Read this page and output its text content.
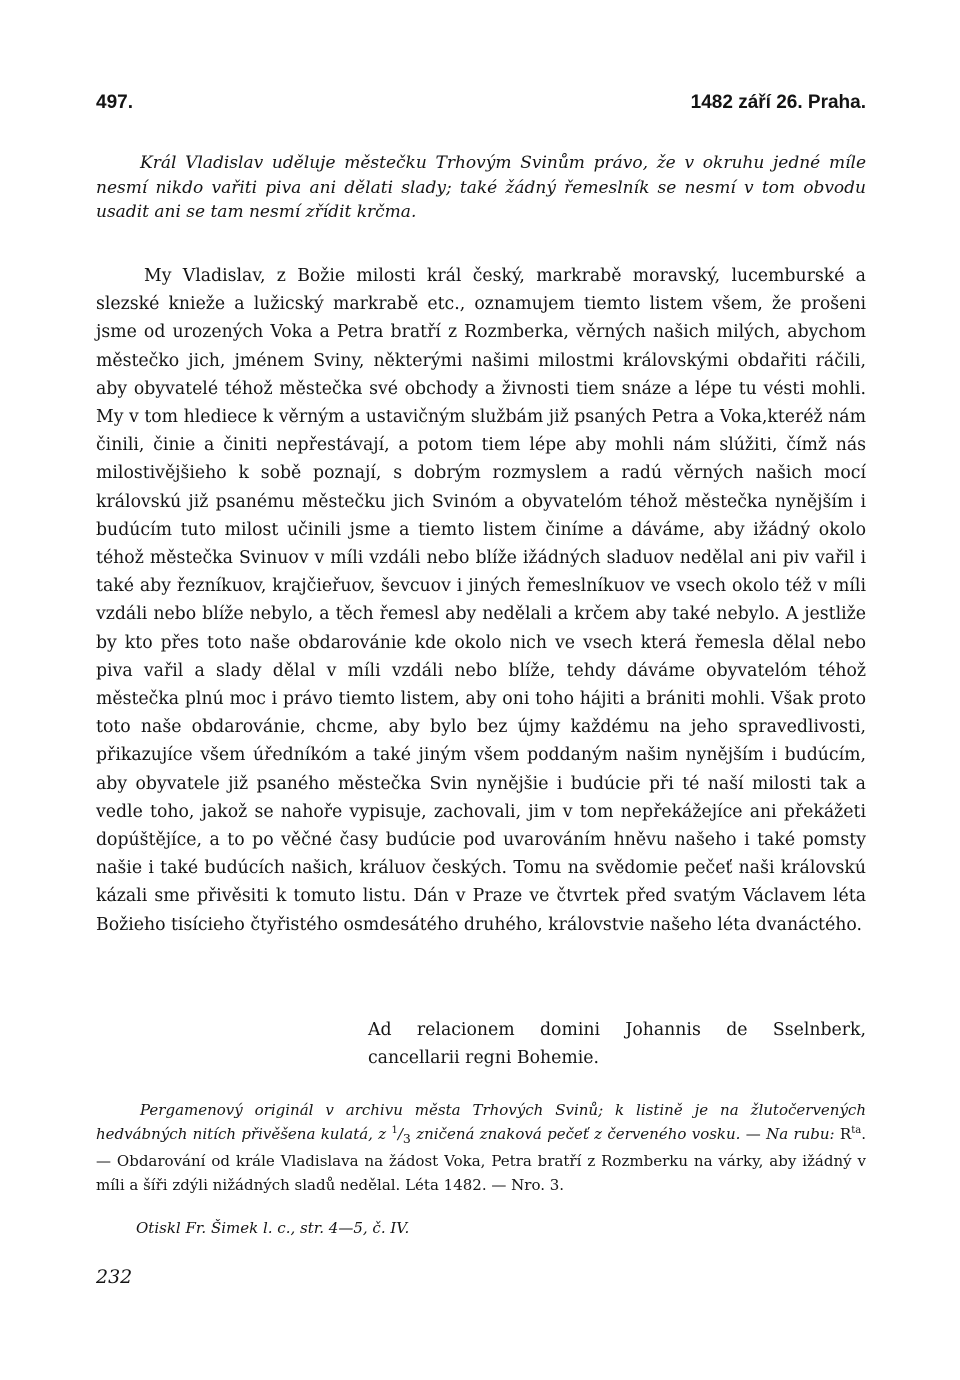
497.	1482 září 26. Praha.

Král Vladislav uděluje městečku Trhovým Svinům právo, že v okruhu jedné míle nesmí nikdo vařiti piva ani dělati slady; také žádný řemeslník se nesmí v tom obvodu usadit ani se tam nesmí zřídit krčma.

My Vladislav, z Božie milosti král český, markrabě moravský, lucemburské a slezské knieže a lužicský markrabě etc., oznamujem tiemto listem všem, že prošeni jsme od urozených Voka a Petra bratří z Rozmberka, věrných našich milých, abychom městečko jich, jménem Sviny, některými našimi milostmi královskými obdařiti ráčili, aby obyvatelé téhož městečka své obchody a živnosti tiem snáze a lépe tu vésti mohli. My v tom hlediece k věrným a ustavičným službám již psaných Petra a Voka,kteréž nám činili, činie a činiti nepřestávají, a potom tiem lépe aby mohli nám slúžiti, čímž nás milostivějšieho k sobě poznají, s dobrým rozmyslem a radú věrných našich mocí královskú již psanému městečku jich Svinóm a obyvatelóm téhož městečka nynějším i budúcím tuto milost učinili jsme a tiemto listem činíme a dáváme, aby ižádný okolo téhož městečka Svinuov v míli vzdáli nebo blíže ižádných sladuov nedělal ani piv vařil i také aby řezníkuov, krajčieřuov, ševcuov i jiných řemeslníkuov ve vsech okolo též v míli vzdáli nebo blíže nebylo, a těch řemesl aby nedělali a krčem aby také nebylo. A jestliže by kto přes toto naše obdarovánie kde okolo nich ve vsech která řemesla dělal nebo piva vařil a slady dělal v míli vzdáli nebo blíže, tehdy dáváme obyvatelóm téhož městečka plnú moc i právo tiemto listem, aby oni toho hájiti a brániti mohli. Však proto toto naše obdarovánie, chcme, aby bylo bez újmy každému na jeho spravedlivosti, přikazujíce všem úředníkóm a také jiným všem poddaným našim nynějším i budúcím, aby obyvatele již psaného městečka Svin nynějšie i budúcie při té naší milosti tak a vedle toho, jakož se nahoře vypisuje, zachovali, jim v tom nepřekážejíce ani překážeti dopúštějíce, a to po věčné časy budúcie pod uvarováním hněvu našeho i také pomsty našie i také budúcích našich, králuov českých. Tomu na svědomie pečeť naši královskú kázali sme přivěsiti k tomuto listu. Dán v Praze ve čtvrtek před svatým Václavem léta Božieho tisícieho čtyřistého osmdesátého druhého, královstvie našeho léta dvanáctého.

Ad relacionem domini Johannis de Sselnberk,
cancellarii regni Bohemie.

Pergamenový originál v archivu města Trhových Svinů; k listině je na žlutočervených hedvábných nitích přivěšena kulatá, z $^1/_3$ zničená znaková pečeť z červeného vosku. — Na rubu: $R^{ta}$. — Obdarování od krále Vladislava na žádost Voka, Petra bratří z Rozmberku na várky, aby ižádný v míli a šíři zdýli nižádných sladů nedělal. Léta 1482. — Nro. 3.

Otiskl Fr. Šimek l. c., str. 4—5, č. IV.

232
